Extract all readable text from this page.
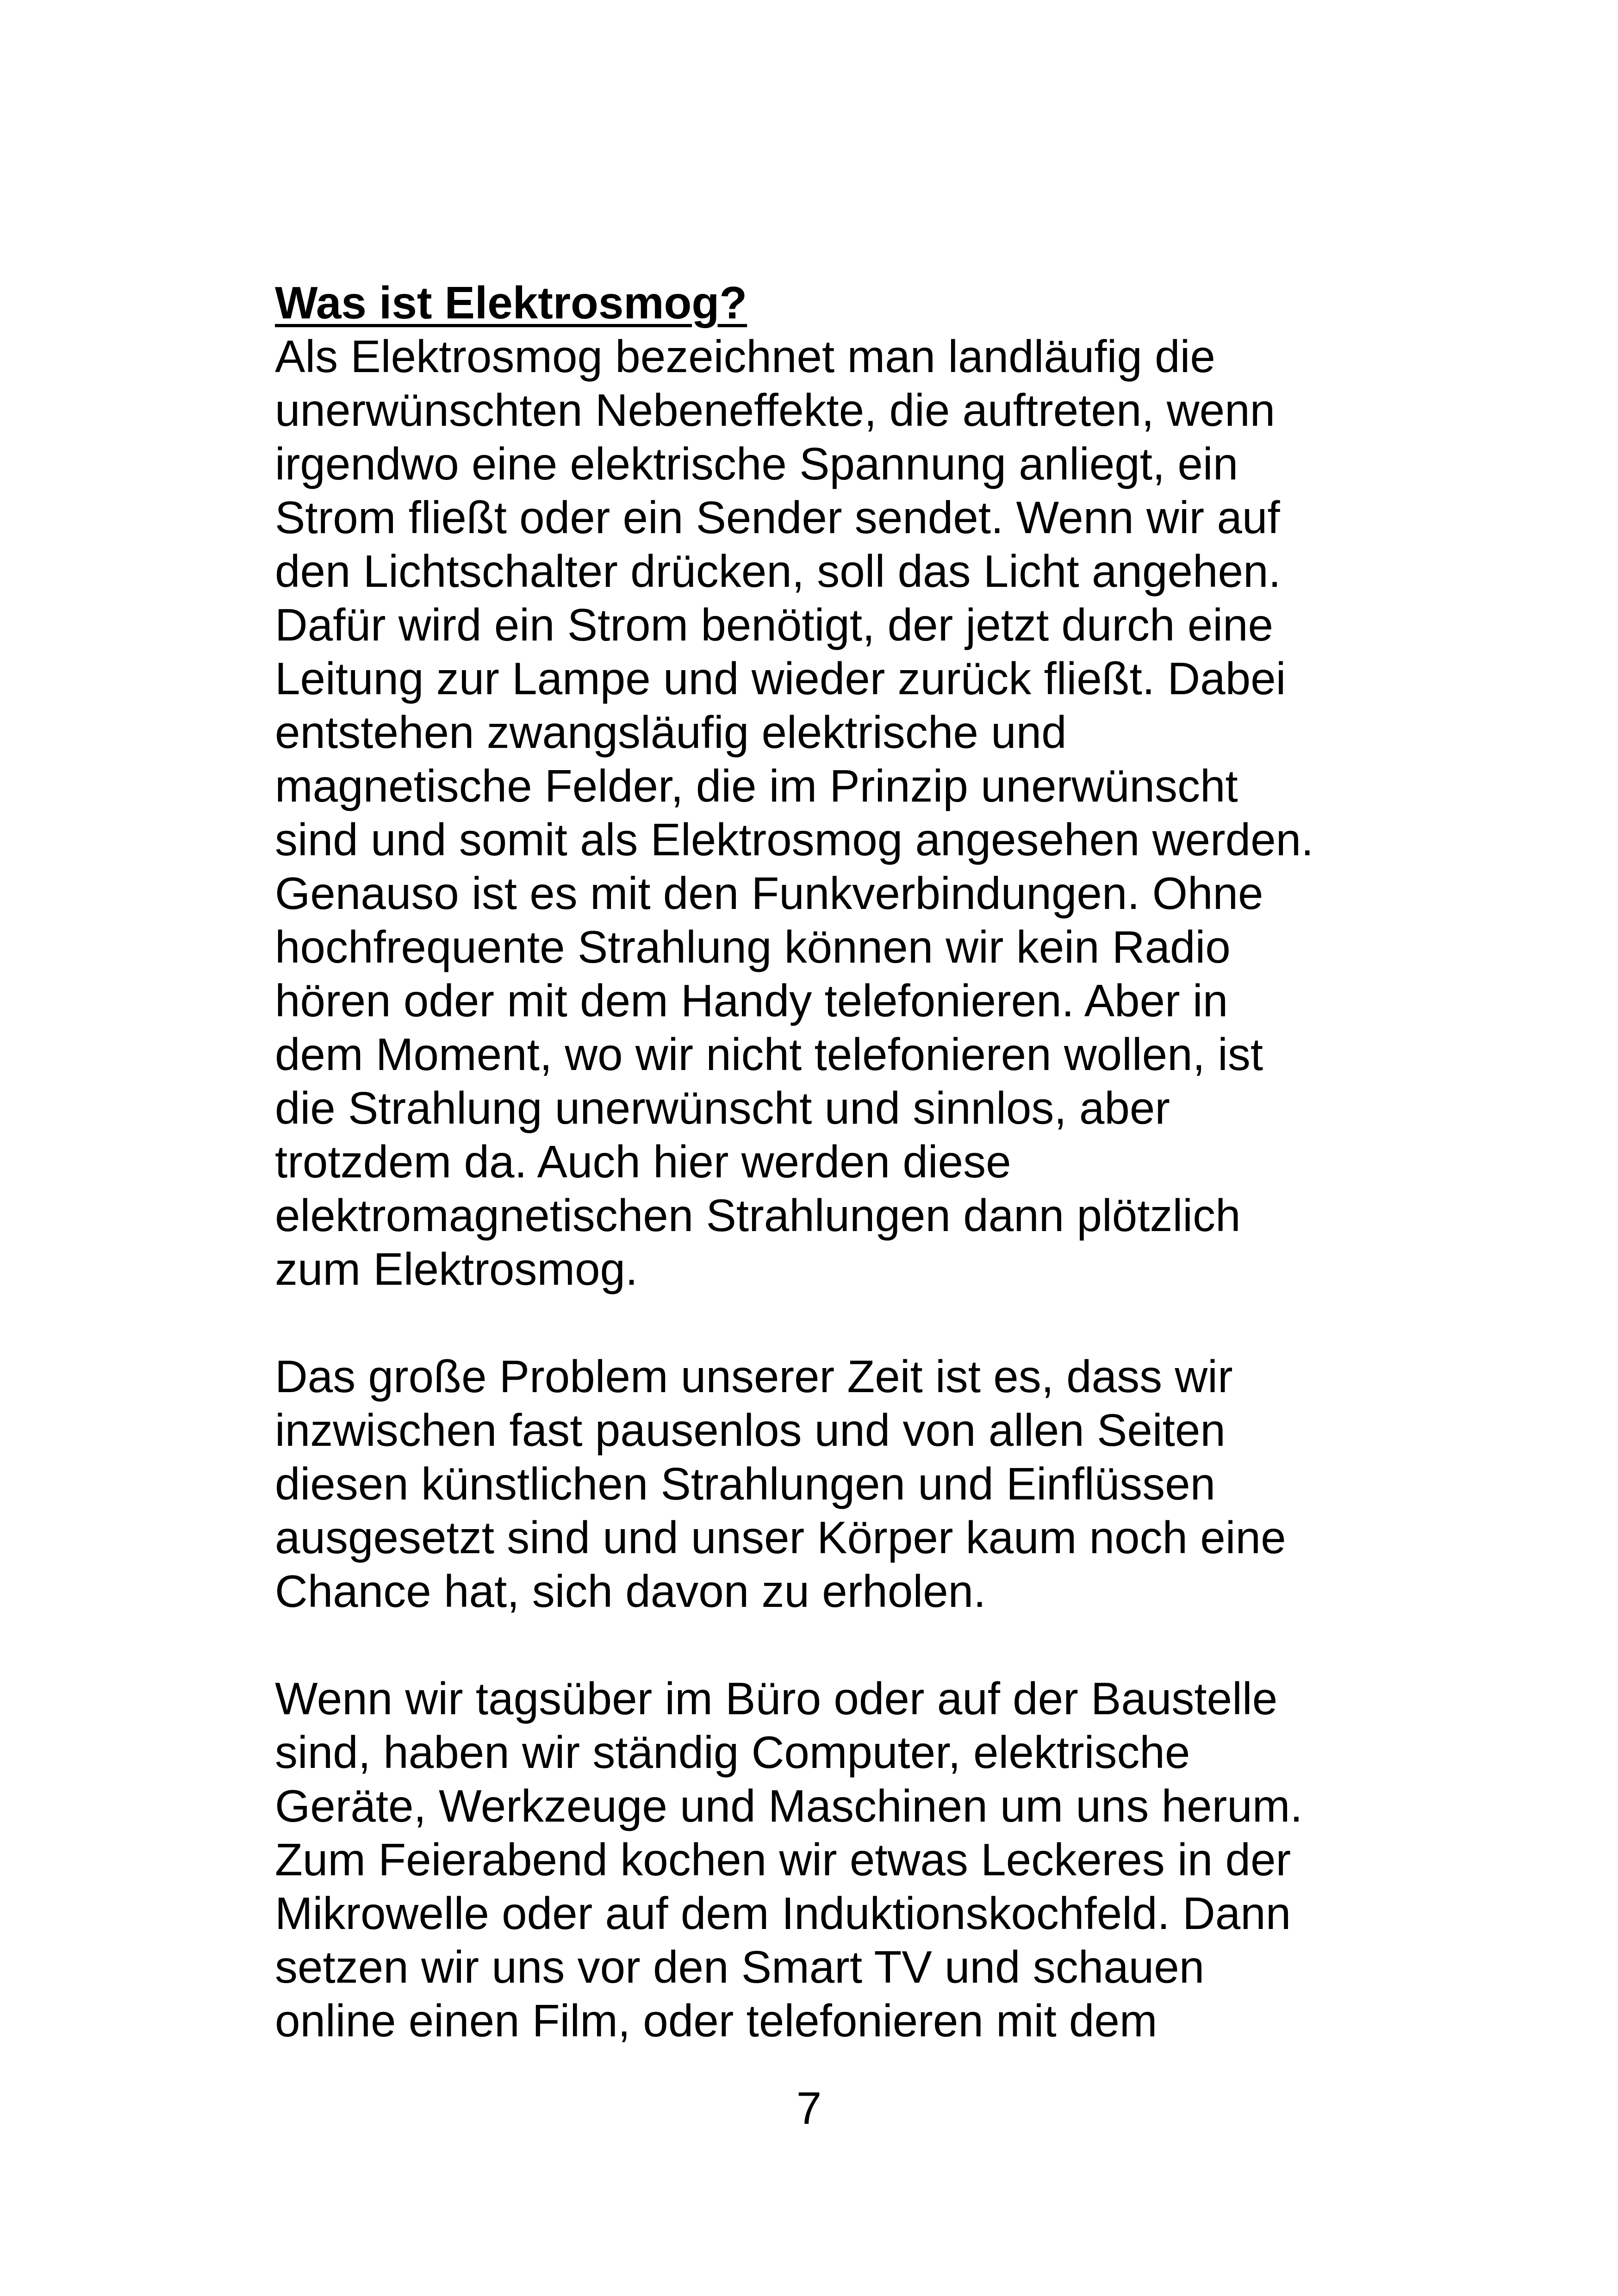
Was ist Elektrosmog?
Als Elektrosmog bezeichnet man landläufig die
unerwünschten Nebeneffekte, die auftreten, wenn
irgendwo eine elektrische Spannung anliegt, ein
Strom fließt oder ein Sender sendet. Wenn wir auf
den Lichtschalter drücken, soll das Licht angehen.
Dafür wird ein Strom benötigt, der jetzt durch eine
Leitung zur Lampe und wieder zurück fließt. Dabei
entstehen zwangsläufig elektrische und
magnetische Felder, die im Prinzip unerwünscht
sind und somit als Elektrosmog angesehen werden.
Genauso ist es mit den Funkverbindungen. Ohne
hochfrequente Strahlung können wir kein Radio
hören oder mit dem Handy telefonieren. Aber in
dem Moment, wo wir nicht telefonieren wollen, ist
die Strahlung unerwünscht und sinnlos, aber
trotzdem da. Auch hier werden diese
elektromagnetischen Strahlungen dann plötzlich
zum Elektrosmog.
Das große Problem unserer Zeit ist es, dass wir
inzwischen fast pausenlos und von allen Seiten
diesen künstlichen Strahlungen und Einflüssen
ausgesetzt sind und unser Körper kaum noch eine
Chance hat, sich davon zu erholen.
Wenn wir tagsüber im Büro oder auf der Baustelle
sind, haben wir ständig Computer, elektrische
Geräte, Werkzeuge und Maschinen um uns herum.
Zum Feierabend kochen wir etwas Leckeres in der
Mikrowelle oder auf dem Induktionskochfeld. Dann
setzen wir uns vor den Smart TV und schauen
online einen Film, oder telefonieren mit dem
7
